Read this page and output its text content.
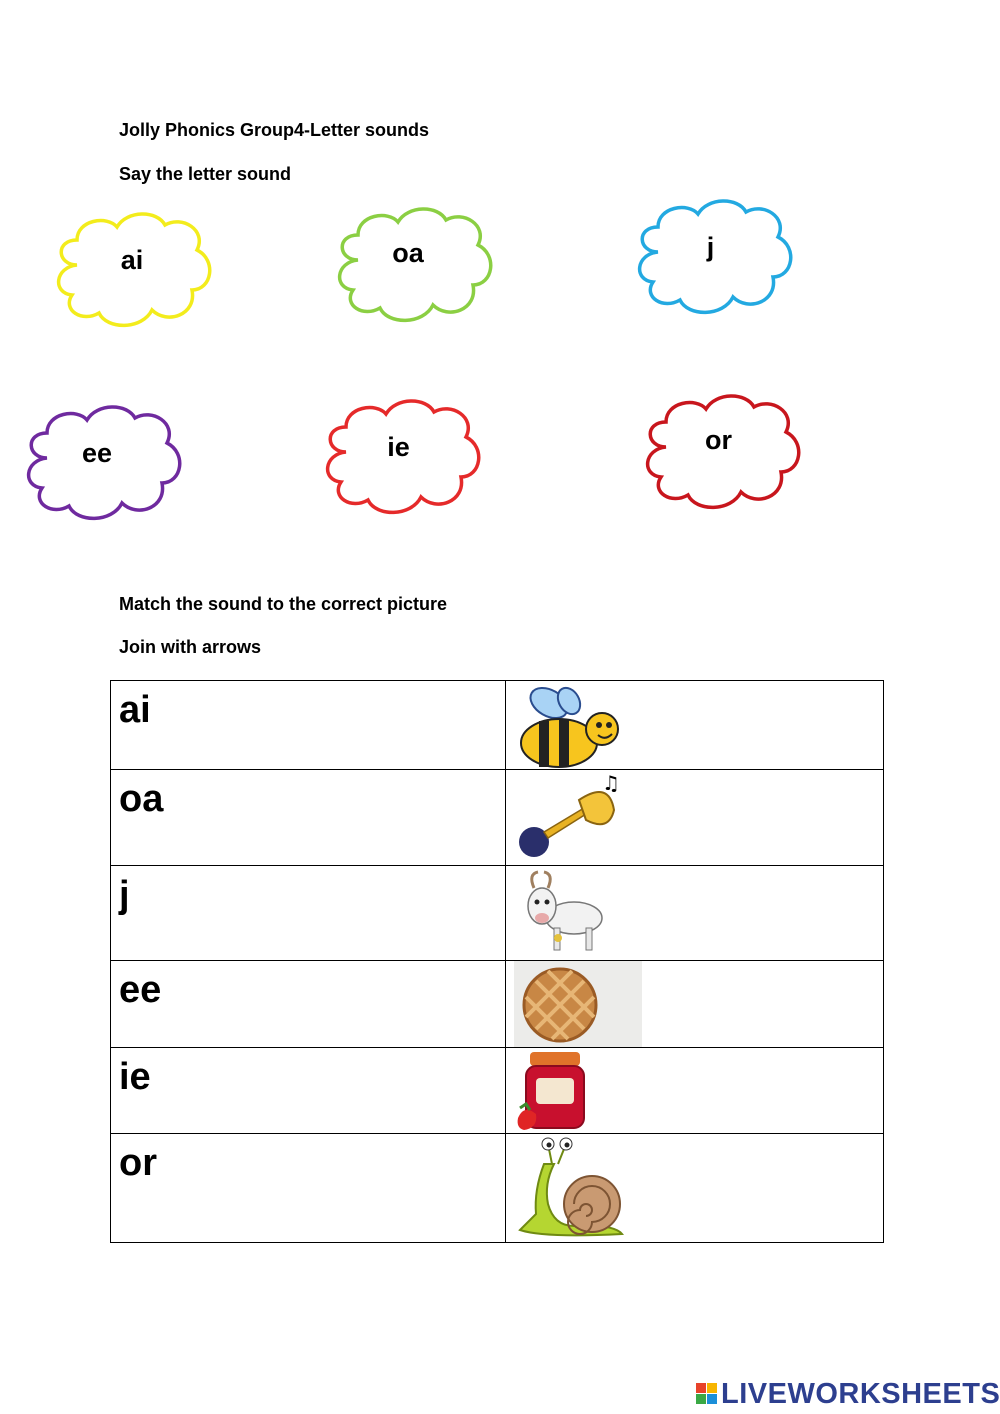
Jolly Phonics Group4-Letter sounds
Say the letter sound
ai	oa	j
ee	ie	or
Match the sound to the correct picture
Join with arrows
ai	

oa	♫

j	

ee	

ie	

or	
LIVEWORKSHEETS
